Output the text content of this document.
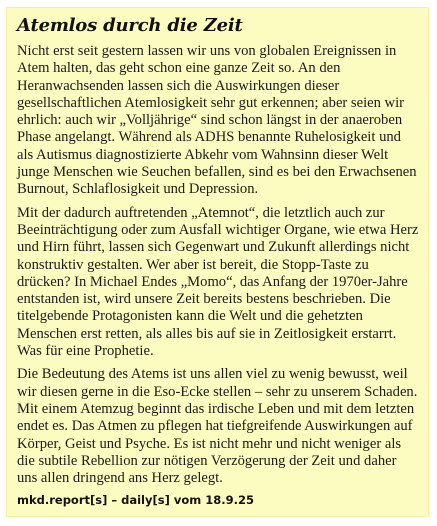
Atemlos durch die Zeit

Nicht erst seit gestern lassen wir uns von globalen Ereignissen in Atem halten, das geht schon eine ganze Zeit so. An den Heranwachsenden lassen sich die Auswirkungen dieser gesellschaftlichen Atemlosigkeit sehr gut erkennen; aber seien wir ehrlich: auch wir „Volljährige“ sind schon längst in der anaeroben Phase angelangt. Während als ADHS benannte Ruhelosigkeit und als Autismus diagnostizierte Abkehr vom Wahnsinn dieser Welt junge Menschen wie Seuchen befallen, sind es bei den Erwachsenen Burnout, Schlaflosigkeit und Depression.

Mit der dadurch auftretenden „Atemnot“, die letztlich auch zur Beeinträchtigung oder zum Ausfall wichtiger Organe, wie etwa Herz und Hirn führt, lassen sich Gegenwart und Zukunft allerdings nicht konstruktiv gestalten. Wer aber ist bereit, die Stopp-Taste zu drücken? In Michael Endes „Momo“, das Anfang der 1970er-Jahre entstanden ist, wird unsere Zeit bereits bestens beschrieben. Die titelgebende Protagonisten kann die Welt und die gehetzten Menschen erst retten, als alles bis auf sie in Zeitlosigkeit erstarrt. Was für eine Prophetie.

Die Bedeutung des Atems ist uns allen viel zu wenig bewusst, weil wir diesen gerne in die Eso-Ecke stellen – sehr zu unserem Schaden. Mit einem Atemzug beginnt das irdische Leben und mit dem letzten endet es. Das Atmen zu pflegen hat tiefgreifende Auswirkungen auf Körper, Geist und Psyche. Es ist nicht mehr und nicht weniger als die subtile Rebellion zur nötigen Verzögerung der Zeit und daher uns allen dringend ans Herz gelegt.

mkd.report[s] – daily[s] vom 18.9.25
